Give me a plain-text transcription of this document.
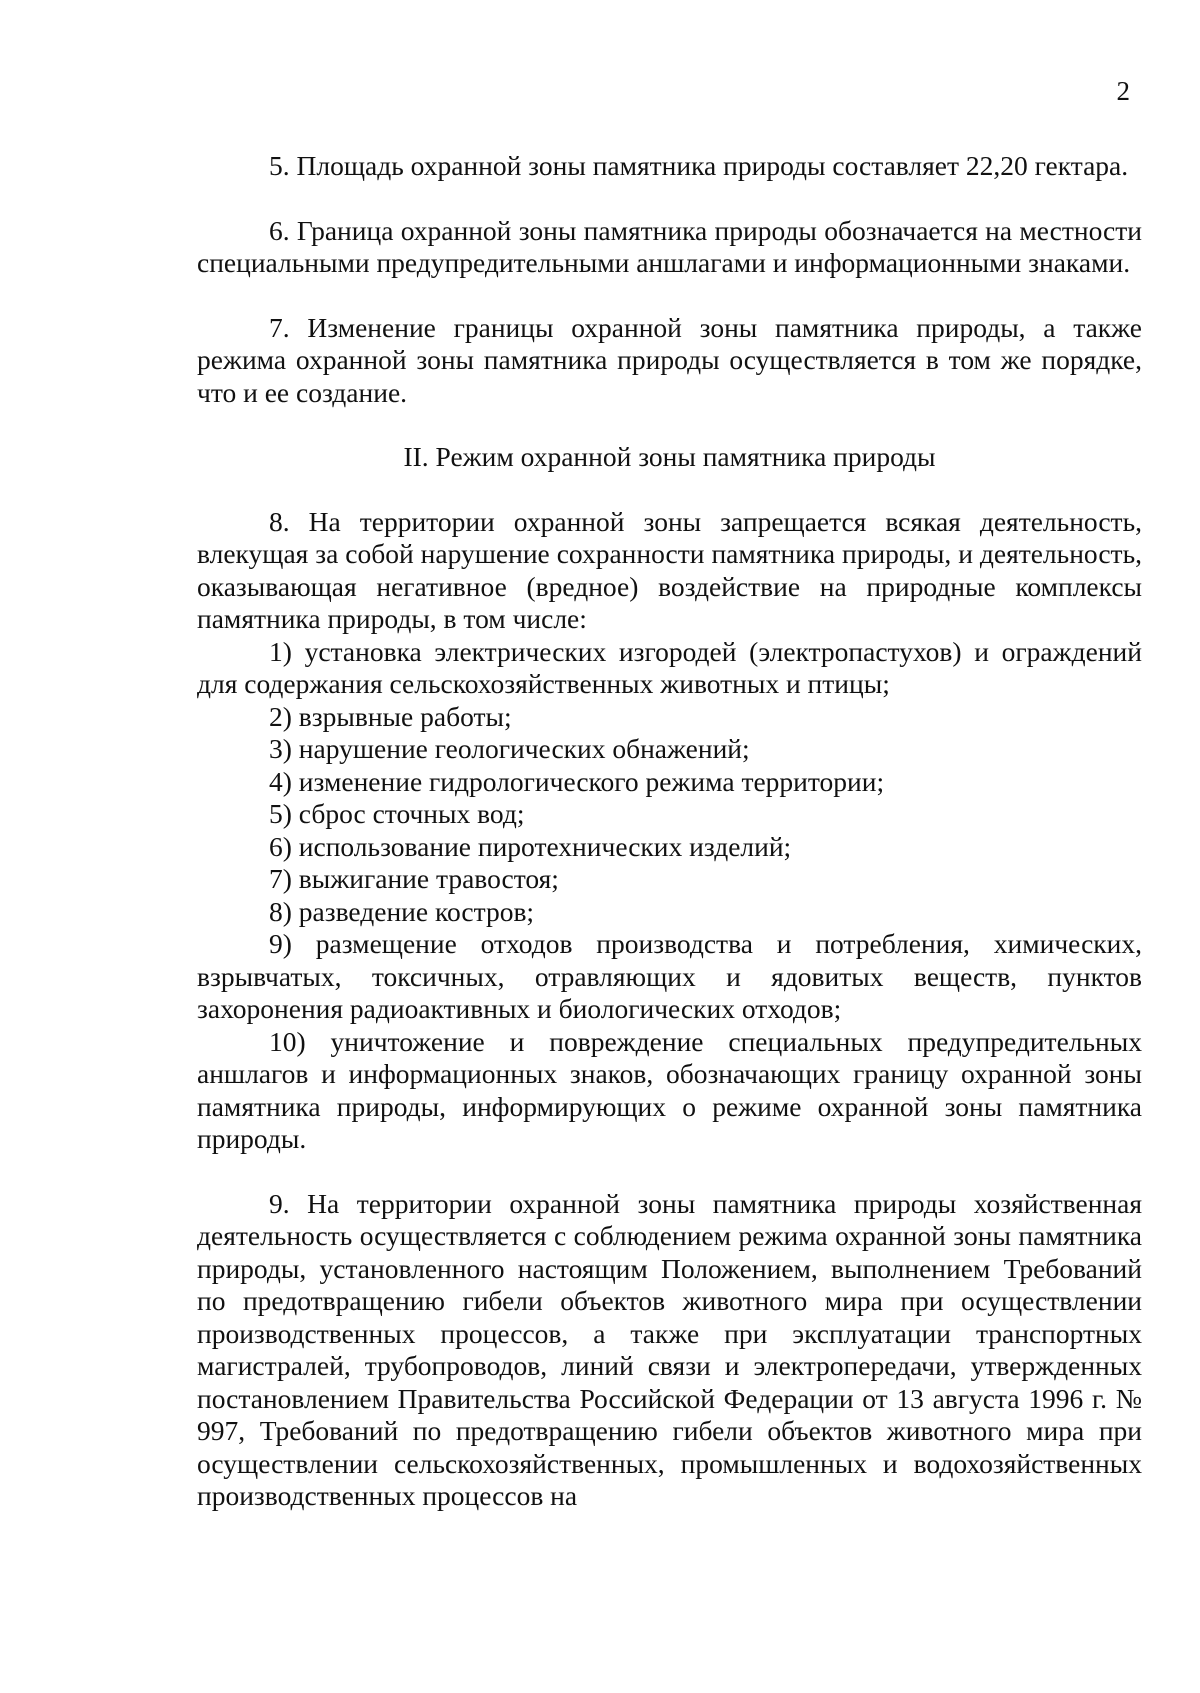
2

5. Площадь охранной зоны памятника природы составляет 22,20 гектара.

6. Граница охранной зоны памятника природы обозначается на местности специальными предупредительными аншлагами и информационными знаками.

7. Изменение границы охранной зоны памятника природы, а также режима охранной зоны памятника природы осуществляется в том же порядке, что и ее создание.

II. Режим охранной зоны памятника природы

8. На территории охранной зоны запрещается всякая деятельность, влекущая за собой нарушение сохранности памятника природы, и деятельность, оказывающая негативное (вредное) воздействие на природные комплексы памятника природы, в том числе:

1) установка электрических изгородей (электропастухов) и ограждений для содержания сельскохозяйственных животных и птицы;
2) взрывные работы;
3) нарушение геологических обнажений;
4) изменение гидрологического режима территории;
5) сброс сточных вод;
6) использование пиротехнических изделий;
7) выжигание травостоя;
8) разведение костров;
9) размещение отходов производства и потребления, химических, взрывчатых, токсичных, отравляющих и ядовитых веществ, пунктов захоронения радиоактивных и биологических отходов;
10) уничтожение и повреждение специальных предупредительных аншлагов и информационных знаков, обозначающих границу охранной зоны памятника природы, информирующих о режиме охранной зоны памятника природы.

9. На территории охранной зоны памятника природы хозяйственная деятельность осуществляется с соблюдением режима охранной зоны памятника природы, установленного настоящим Положением, выполнением Требований по предотвращению гибели объектов животного мира при осуществлении производственных процессов, а также при эксплуатации транспортных магистралей, трубопроводов, линий связи и электропередачи, утвержденных постановлением Правительства Российской Федерации от 13 августа 1996 г. № 997, Требований по предотвращению гибели объектов животного мира при осуществлении сельскохозяйственных, промышленных и водохозяйственных производственных процессов на
